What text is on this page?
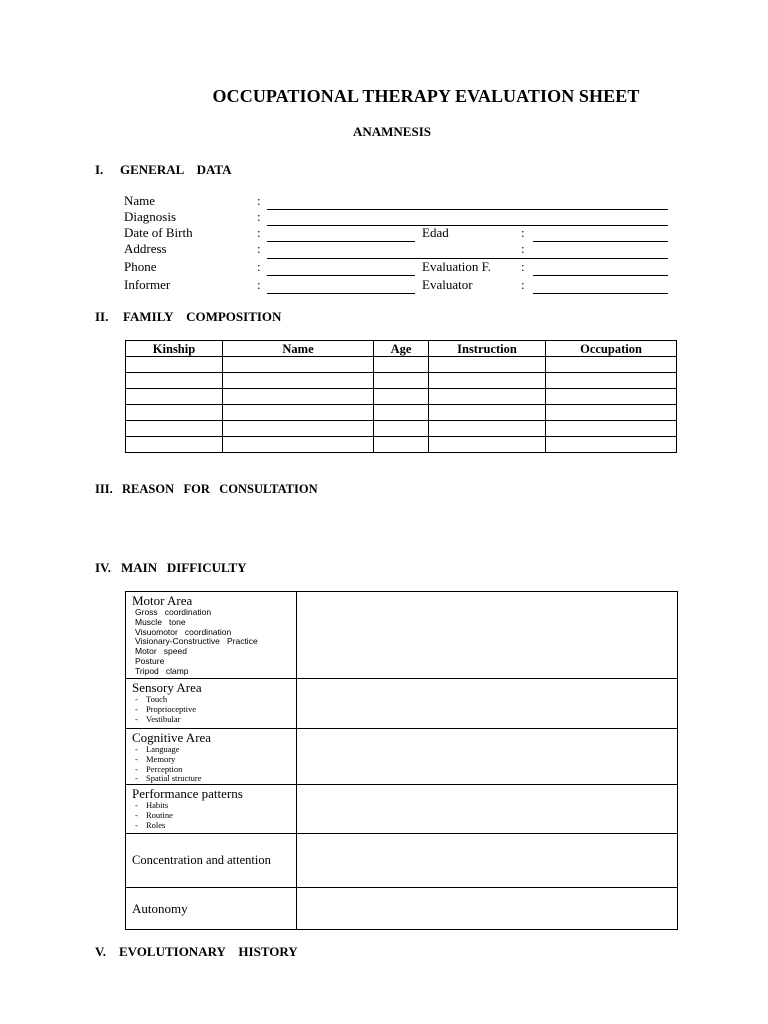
OCCUPATIONAL THERAPY EVALUATION SHEET
ANAMNESIS
I. GENERAL    DATA
Name	:
Diagnosis	:
Date of Birth	:	Edad	:
Address	:	:
Phone	:	Evaluation F. :
Informer	:	Evaluator	:
II. FAMILY    COMPOSITION
Kinship	Name	Age	Instruction	Occupation

III. REASON   FOR   CONSULTATION
IV. MAIN   DIFFICULTY
Motor Area
Gross   coordination
Muscle   tone
Visuomotor   coordination
Visionary-Constructive   Practice
Motor   speed
Posture
Tripod   clamp
Sensory Area
- Touch
- Proprioceptive
- Vestibular
Cognitive Area
- Language
- Memory
- Perception
- Spatial structure
Performance patterns
- Habits
- Routine
- Roles
Concentration and attention
Autonomy
V. EVOLUTIONARY    HISTORY
